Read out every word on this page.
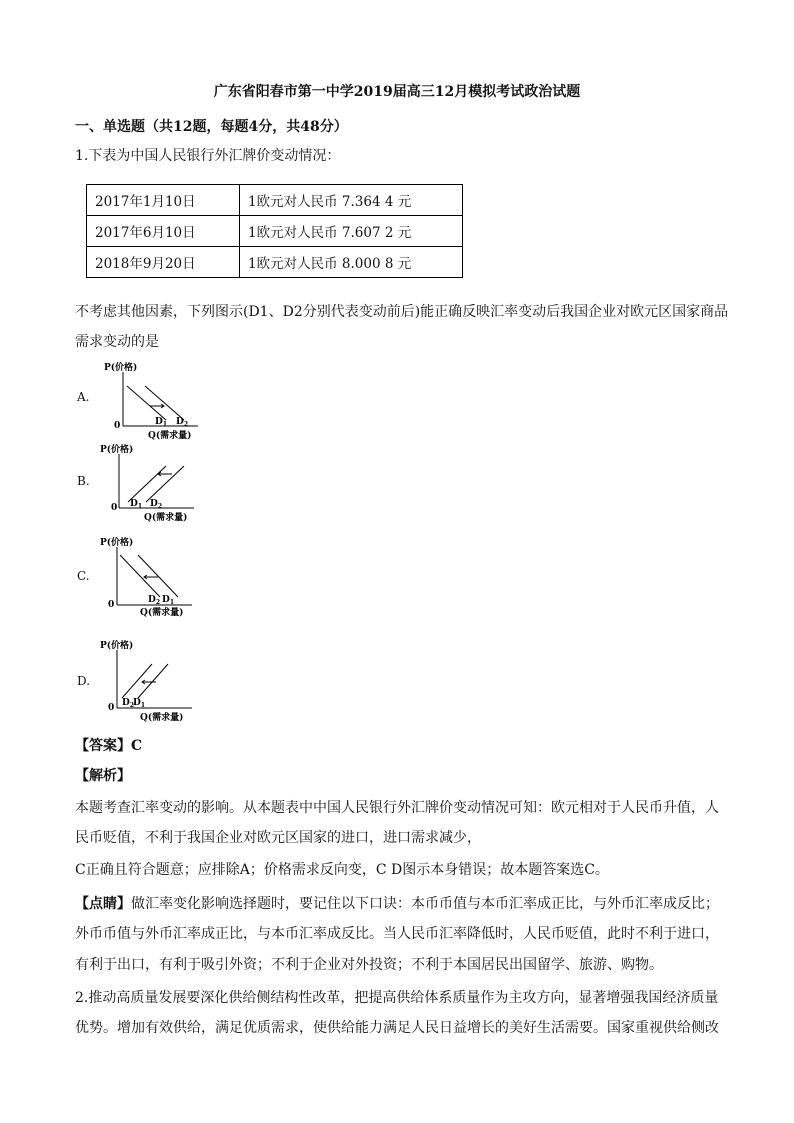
广东省阳春市第一中学2019届高三12月模拟考试政治试题
一、单选题（共12题，每题4分，共48分）
1.下表为中国人民银行外汇牌价变动情况：
2017年1月10日	1欧元对人民币 7.364 4 元
2017年6月10日	1欧元对人民币 7.607 2 元
2018年9月20日	1欧元对人民币 8.000 8 元
不考虑其他因素，下列图示(D1、D2分别代表变动前后)能正确反映汇率变动后我国企业对欧元区国家商品
需求变动的是
A.
P(价格)
0
Q(需求量)
$D_1$ $D_2$
B.
P(价格)
0
Q(需求量)
$D_1$ $D_2$
C.
P(价格)
0
Q(需求量)
$D_2$ $D_1$
D.
P(价格)
0
Q(需求量)
$D_2$ $D_1$
【答案】C
【解析】
本题考查汇率变动的影响。从本题表中中国人民银行外汇牌价变动情况可知：欧元相对于人民币升值，人
民币贬值，不利于我国企业对欧元区国家的进口，进口需求减少，
C正确且符合题意；应排除A；价格需求反向变，C D图示本身错误；故本题答案选C。
【点睛】做汇率变化影响选择题时，要记住以下口诀：本币币值与本币汇率成正比，与外币汇率成反比；
外币币值与外币汇率成正比，与本币汇率成反比。当人民币汇率降低时，人民币贬值，此时不利于进口，
有利于出口，有利于吸引外资；不利于企业对外投资；不利于本国居民出国留学、旅游、购物。
2.推动高质量发展要深化供给侧结构性改革，把提高供给体系质量作为主攻方向，显著增强我国经济质量
优势。增加有效供给，满足优质需求，使供给能力满足人民日益增长的美好生活需要。国家重视供给侧改
